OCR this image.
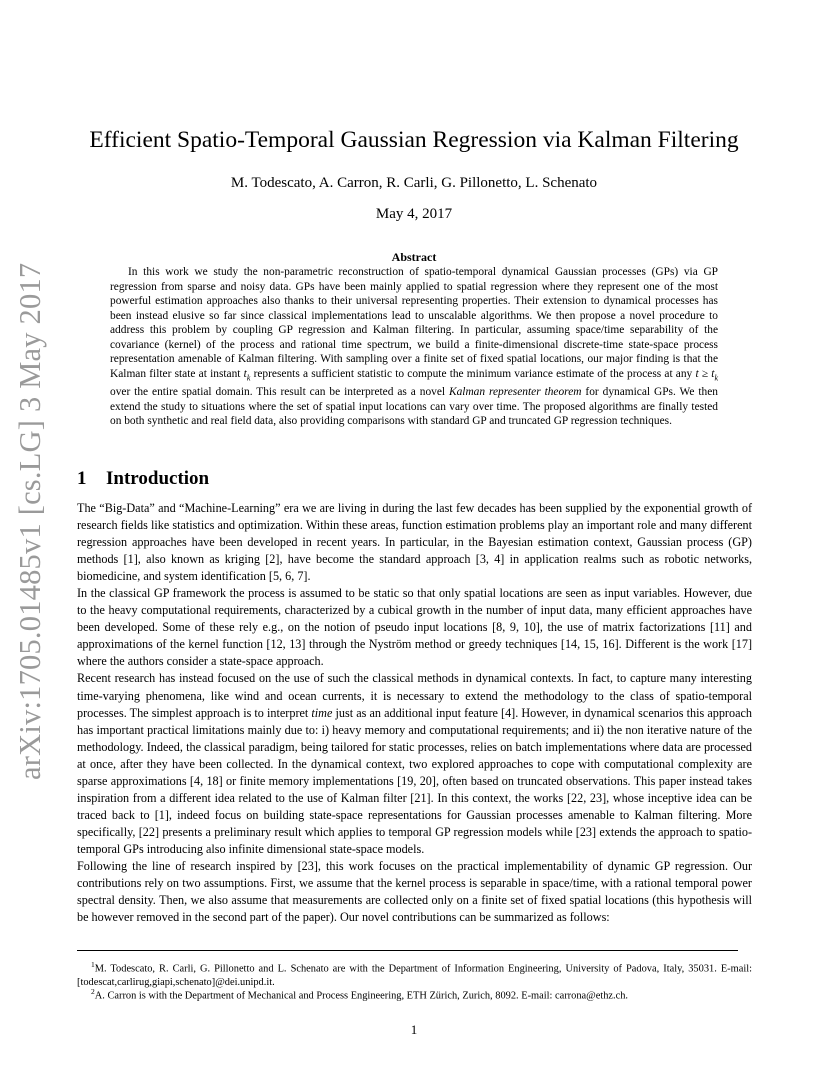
arXiv:1705.01485v1 [cs.LG] 3 May 2017
Efficient Spatio-Temporal Gaussian Regression via Kalman Filtering
M. Todescato, A. Carron, R. Carli, G. Pillonetto, L. Schenato
May 4, 2017
Abstract

In this work we study the non-parametric reconstruction of spatio-temporal dynamical Gaussian processes (GPs) via GP regression from sparse and noisy data. GPs have been mainly applied to spatial regression where they represent one of the most powerful estimation approaches also thanks to their universal representing properties. Their extension to dynamical processes has been instead elusive so far since classical implementations lead to unscalable algorithms. We then propose a novel procedure to address this problem by coupling GP regression and Kalman filtering. In particular, assuming space/time separability of the covariance (kernel) of the process and rational time spectrum, we build a finite-dimensional discrete-time state-space process representation amenable of Kalman filtering. With sampling over a finite set of fixed spatial locations, our major finding is that the Kalman filter state at instant $t_k$ represents a sufficient statistic to compute the minimum variance estimate of the process at any $t \ge t_k$ over the entire spatial domain. This result can be interpreted as a novel Kalman representer theorem for dynamical GPs. We then extend the study to situations where the set of spatial input locations can vary over time. The proposed algorithms are finally tested on both synthetic and real field data, also providing comparisons with standard GP and truncated GP regression techniques.

1 Introduction

The “Big-Data” and “Machine-Learning” era we are living in during the last few decades has been supplied by the exponential growth of research fields like statistics and optimization. Within these areas, function estimation problems play an important role and many different regression approaches have been developed in recent years. In particular, in the Bayesian estimation context, Gaussian process (GP) methods [1], also known as kriging [2], have become the standard approach [3, 4] in application realms such as robotic networks, biomedicine, and system identification [5, 6, 7].

In the classical GP framework the process is assumed to be static so that only spatial locations are seen as input variables. However, due to the heavy computational requirements, characterized by a cubical growth in the number of input data, many efficient approaches have been developed. Some of these rely e.g., on the notion of pseudo input locations [8, 9, 10], the use of matrix factorizations [11] and approximations of the kernel function [12, 13] through the Nyström method or greedy techniques [14, 15, 16]. Different is the work [17] where the authors consider a state-space approach.

Recent research has instead focused on the use of such the classical methods in dynamical contexts. In fact, to capture many interesting time-varying phenomena, like wind and ocean currents, it is necessary to extend the methodology to the class of spatio-temporal processes. The simplest approach is to interpret time just as an additional input feature [4]. However, in dynamical scenarios this approach has important practical limitations mainly due to: i) heavy memory and computational requirements; and ii) the non iterative nature of the methodology. Indeed, the classical paradigm, being tailored for static processes, relies on batch implementations where data are processed at once, after they have been collected. In the dynamical context, two explored approaches to cope with computational complexity are sparse approximations [4, 18] or finite memory implementations [19, 20], often based on truncated observations. This paper instead takes inspiration from a different idea related to the use of Kalman filter [21]. In this context, the works [22, 23], whose inceptive idea can be traced back to [1], indeed focus on building state-space representations for Gaussian processes amenable to Kalman filtering. More specifically, [22] presents a preliminary result which applies to temporal GP regression models while [23] extends the approach to spatio-temporal GPs introducing also infinite dimensional state-space models.

Following the line of research inspired by [23], this work focuses on the practical implementability of dynamic GP regression. Our contributions rely on two assumptions. First, we assume that the kernel process is separable in space/time, with a rational temporal power spectral density. Then, we also assume that measurements are collected only on a finite set of fixed spatial locations (this hypothesis will be however removed in the second part of the paper). Our novel contributions can be summarized as follows:

$^1$M. Todescato, R. Carli, G. Pillonetto and L. Schenato are with the Department of Information Engineering, University of Padova, Italy, 35031. E-mail: [todescat,carlirug,giapi,schenato]@dei.unipd.it.

$^2$A. Carron is with the Department of Mechanical and Process Engineering, ETH Zürich, Zurich, 8092. E-mail: carrona@ethz.ch.

1
